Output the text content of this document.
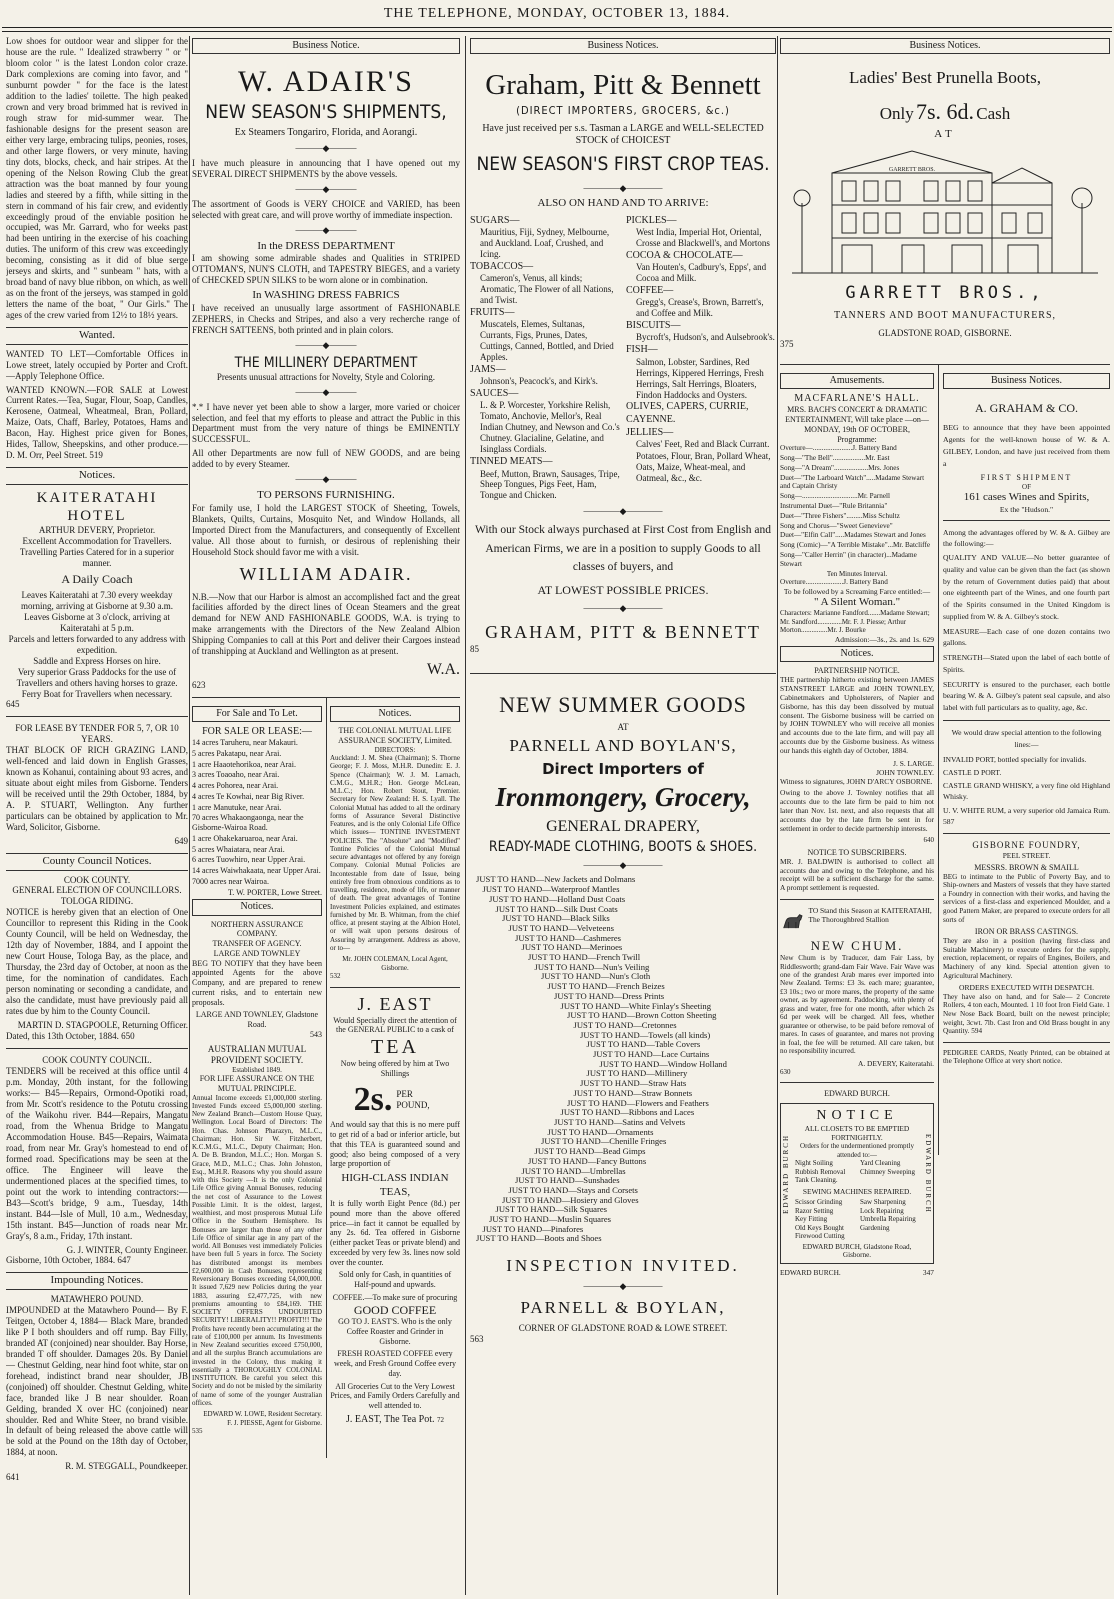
THE TELEPHONE, MONDAY, OCTOBER 13, 1884.

Low shoes for outdoor wear and slipper for the house are the rule. " Idealized strawberry " or " bloom color " is the latest London color craze. Dark complexions are coming into favor, and " sunburnt powder " for the face is the latest addition to the ladies' toilette. The high peaked crown and very broad brimmed hat is revived in rough straw for mid-summer wear. The fashionable designs for the present season are either very large, embracing tulips, peonies, roses, and other large flowers, or very minute, having tiny dots, blocks, check, and hair stripes. At the opening of the Nelson Rowing Club the great attraction was the boat manned by four young ladies and steered by a fifth, while sitting in the stern in command of his fair crew, and evidently exceedingly proud of the enviable position he occupied, was Mr. Garrard, who for weeks past had been untiring in the exercise of his coaching duties. The uniform of this crew was exceedingly becoming, consisting as it did of blue serge jerseys and skirts, and " sunbeam " hats, with a broad band of navy blue ribbon, on which, as well as on the front of the jerseys, was stamped in gold letters the name of the boat, " Our Girls." The ages of the crew varied from 12½ to 18½ years.

Wanted.

WANTED TO LET—Comfortable Offices in Lowe street, lately occupied by Porter and Croft.—Apply Telephone Office.

WANTED KNOWN.—FOR SALE at Lowest Current Rates.—Tea, Sugar, Flour, Soap, Candles, Kerosene, Oatmeal, Wheatmeal, Bran, Pollard, Maize, Oats, Chaff, Barley, Potatoes, Hams and Bacon, Hay. Highest price given for Bones, Hides, Tallow, Sheepskins, and other produce.—D. M. Orr, Peel Street. 519

Notices.
KAITERATAHI HOTEL
ARTHUR DEVERY, Proprietor.
Excellent Accommodation for Travellers.
Travelling Parties Catered for in a superior manner.
A Daily Coach
Leaves Kaiteratahi at 7.30 every weekday morning, arriving at Gisborne at 9.30 a.m.
Leaves Gisborne at 3 o'clock, arriving at Kaiteratahi at 5 p.m.
Parcels and letters forwarded to any address with expedition.
Saddle and Express Horses on hire.
Very superior Grass Paddocks for the use of Travellers and others having horses to graze.
Ferry Boat for Travellers when necessary.
645
FOR LEASE BY TENDER FOR 5, 7, OR 10 YEARS.

THAT BLOCK OF RICH GRAZING LAND, well-fenced and laid down in English Grasses, known as Kohanui, containing about 93 acres, and situate about eight miles from Gisborne. Tenders will be received until the 29th October, 1884, by A. P. STUART, Wellington. Any further particulars can be obtained by application to Mr. Ward, Solicitor, Gisborne.

649
County Council Notices.
COOK COUNTY.
GENERAL ELECTION OF COUNCILLORS.
TOLOGA RIDING.

NOTICE is hereby given that an election of One Councillor to represent this Riding in the Cook County Council, will be held on Wednesday, the 12th day of November, 1884, and I appoint the new Court House, Tologa Bay, as the place, and Thursday, the 23rd day of October, at noon as the time, for the nomination of candidates. Each person nominating or seconding a candidate, and also the candidate, must have previously paid all rates due by him to the County Council.

MARTIN D. STAGPOOLE, Returning Officer.
Dated, this 13th October, 1884. 650
COOK COUNTY COUNCIL.

TENDERS will be received at this office until 4 p.m. Monday, 20th instant, for the following works:— B45—Repairs, Ormond-Opotiki road, from Mr. Scott's residence to the Potutu crossing of the Waikohu river. B44—Repairs, Mangatu road, from the Whenua Bridge to Mangatu Accommodation House. B45—Repairs, Waimata road, from near Mr. Gray's homestead to end of formed road. Specifications may be seen at the office. The Engineer will leave the undermentioned places at the specified times, to point out the work to intending contractors:— B43—Scott's bridge, 9 a.m., Tuesday, 14th instant. B44—Isle of Mull, 10 a.m., Wednesday, 15th instant. B45—Junction of roads near Mr. Gray's, 8 a.m., Friday, 17th instant.

G. J. WINTER, County Engineer.
Gisborne, 10th October, 1884. 647
Impounding Notices.
MATAWHERO POUND.

IMPOUNDED at the Matawhero Pound— By F. Teitgen, October 4, 1884— Black Mare, branded like P I both shoulders and off rump. Bay Filly, branded AT (conjoined) near shoulder. Bay Horse, branded T off shoulder. Damages 20s. By Daniel— Chestnut Gelding, near hind foot white, star on forehead, indistinct brand near shoulder, JB (conjoined) off shoulder. Chestnut Gelding, white face, branded like J B near shoulder. Roan Gelding, branded X over HC (conjoined) near shoulder. Red and White Steer, no brand visible. In default of being released the above cattle will be sold at the Pound on the 18th day of October, 1884, at noon.

R. M. STEGGALL, Poundkeeper.
641
Business Notice.
W. ADAIR'S
NEW SEASON'S SHIPMENTS,
Ex Steamers Tongariro, Florida, and Aorangi.
———◆———

I have much pleasure in announcing that I have opened out my SEVERAL DIRECT SHIPMENTS by the above vessels.

———◆———

The assortment of Goods is VERY CHOICE and VARIED, has been selected with great care, and will prove worthy of immediate inspection.

———◆———
In the DRESS DEPARTMENT

I am showing some admirable shades and Qualities in STRIPED OTTOMAN'S, NUN'S CLOTH, and TAPESTRY BIEGES, and a variety of CHECKED SPUN SILKS to be worn alone or in combination.

In WASHING DRESS FABRICS

I have received an unusually large assortment of FASHIONABLE ZEPHERS, in Checks and Stripes, and also a very recherche range of FRENCH SATTEENS, both printed and in plain colors.

———◆———
THE MILLINERY DEPARTMENT
Presents unusual attractions for Novelty, Style and Coloring.
———◆———

*.* I have never yet been able to show a larger, more varied or choicer selection, and feel that my efforts to please and attract the Public in this Department must from the very nature of things be EMINENTLY SUCCESSFUL.

All other Departments are now full of NEW GOODS, and are being added to by every Steamer.

———◆———
TO PERSONS FURNISHING.

For family use, I hold the LARGEST STOCK of Sheeting, Towels, Blankets, Quilts, Curtains, Mosquito Net, and Window Hollands, all Imported Direct from the Manufacturers, and consequently of Excellent value. All those about to furnish, or desirous of replenishing their Household Stock should favor me with a visit.

WILLIAM ADAIR.

N.B.—Now that our Harbor is almost an accomplished fact and the great facilities afforded by the direct lines of Ocean Steamers and the great demand for NEW AND FASHIONABLE GOODS, W.A. is trying to make arrangements with the Directors of the New Zealand Albion Shipping Companies to call at this Port and deliver their Cargoes instead of transhipping at Auckland and Wellington as at present.

W.A.
623
For Sale and To Let.
FOR SALE OR LEASE:—
14 acres Taruheru, near Makauri.
5 acres Pakatapu, near Arai.
1 acre Haaotehorikoa, near Arai.
3 acres Toaoaho, near Arai.
4 acres Pohorea, near Arai.
4 acres Te Kowhai, near Big River.
1 acre Manutuke, near Arai.
70 acres Whakaongaonga, near the Gisborne-Wairoa Road.
1 acre Ohakekaruaroa, near Arai.
5 acres Whaiatara, near Arai.
6 acres Tuowhiro, near Upper Arai.
14 acres Waiwhakaata, near Upper Arai.
7000 acres near Wairoa.
T. W. PORTER, Lowe Street.
Notices.
NORTHERN ASSURANCE COMPANY.
TRANSFER OF AGENCY.
LARGE AND TOWNLEY

BEG TO NOTIFY that they have been appointed Agents for the above Company, and are prepared to renew current risks, and to entertain new proposals.

LARGE AND TOWNLEY, Gladstone Road.
543
AUSTRALIAN MUTUAL PROVIDENT SOCIETY.
Established 1849.
FOR LIFE ASSURANCE ON THE MUTUAL PRINCIPLE.

Annual Income exceeds £1,000,000 sterling. Invested Funds exceed £5,000,000 sterling. New Zealand Branch—Custom House Quay, Wellington. Local Board of Directors: The Hon. Chas. Johnson Pharazyn, M.L.C., Chairman; Hon. Sir W. Fitzherbert, K.C.M.G., M.L.C., Deputy Chairman; Hon. A. De B. Brandon, M.L.C.; Hon. Morgan S. Grace, M.D., M.L.C.; Chas. John Johnston, Esq., M.H.R. Reasons why you should assure with this Society —It is the only Colonial Life Office giving Annual Bonuses, reducing the net cost of Assurance to the Lowest Possible Limit. It is the oldest, largest, wealthiest, and most prosperous Mutual Life Office in the Southern Hemisphere. Its Bonuses are larger than those of any other Life Office of similar age in any part of the world. All Bonuses vest immediately Policies have been full 5 years in force. The Society has distributed amongst its members £2,600,000 in Cash Bonuses, representing Reversionary Bonuses exceeding £4,000,000. It issued 7,629 new Policies during the year 1883, assuring £2,477,725, with new premiums amounting to £84,169. THE SOCIETY OFFERS UNDOUBTED SECURITY! LIBERALITY!! PROFIT!!! The Profits have recently been accumulating at the rate of £100,000 per annum. Its Investments in New Zealand securities exceed £750,000, and all the surplus Branch accumulations are invested in the Colony, thus making it essentially a THOROUGHLY COLONIAL INSTITUTION. Be careful you select this Society and do not be misled by the similarity of name of some of the younger Australian offices.

EDWARD W. LOWE, Resident Secretary.
F. J. PIESSE, Agent for Gisborne.
535
Notices.
THE COLONIAL MUTUAL LIFE ASSURANCE SOCIETY, Limited.
DIRECTORS:

Auckland: J. M. Shea (Chairman); S. Thorne George; F. J. Moss, M.H.R. Dunedin: E. J. Spence (Chairman); W. J. M. Larnach, C.M.G., M.H.R.; Hon. George McLean, M.L.C.; Hon. Robert Stout, Premier. Secretary for New Zealand: H. S. Lyall. The Colonial Mutual has added to all the ordinary forms of Assurance Several Distinctive Features, and is the only Colonial Life Office which issues— TONTINE INVESTMENT POLICIES. The "Absolute" and "Modified" Tontine Policies of the Colonial Mutual secure advantages not offered by any foreign Company. Colonial Mutual Policies are Incontestable from date of Issue, being entirely free from obnoxious conditions as to travelling, residence, mode of life, or manner of death. The great advantages of Tontine Investment Policies explained, and estimates furnished by Mr. B. Whitman, from the chief office, at present staying at the Albion Hotel, or will wait upon persons desirous of Assuring by arrangement. Address as above, or to—

Mr. JOHN COLEMAN, Local Agent, Gisborne.
532
J. EAST
Would Specially direct the attention of the GENERAL PUBLIC to a cask of
TEA
Now being offered by him at Two Shillings
2s. PER POUND,

And would say that this is no mere puff to get rid of a bad or inferior article, but that this TEA is guaranteed sound and good; also being composed of a very large proportion of

HIGH-CLASS INDIAN TEAS,

It is fully worth Eight Pence (8d.) per pound more than the above offered price—in fact it cannot be equalled by any 2s. 6d. Tea offered in Gisborne (either packet Teas or private blend) and exceeded by very few 3s. lines now sold over the counter.

Sold only for Cash, in quantities of Half-pound and upwards.

COFFEE.—To make sure of procuring
GOOD COFFEE

GO TO J. EAST'S. Who is the only Coffee Roaster and Grinder in Gisborne.

FRESH ROASTED COFFEE every week, and Fresh Ground Coffee every day.

All Groceries Cut to the Very Lowest Prices, and Family Orders Carefully and well attended to.

J. EAST, The Tea Pot. 72
Business Notices.
Graham, Pitt & Bennett
(DIRECT IMPORTERS, GROCERS, &c.)
Have just received per s.s. Tasman a LARGE and WELL-SELECTED STOCK of CHOICEST
NEW SEASON'S FIRST CROP TEAS.
————◆————
ALSO ON HAND AND TO ARRIVE:
SUGARS—
Mauritius, Fiji, Sydney, Melbourne, and Auckland. Loaf, Crushed, and Icing.
TOBACCOS—
Cameron's, Venus, all kinds; Aromatic, The Flower of all Nations, and Twist.
FRUITS—
Muscatels, Elemes, Sultanas, Currants, Figs, Prunes, Dates, Cuttings, Canned, Bottled, and Dried Apples.
JAMS—
Johnson's, Peacock's, and Kirk's.
SAUCES—
L. & P. Worcester, Yorkshire Relish, Tomato, Anchovie, Mellor's, Real Indian Chutney, and Newson and Co.'s Chutney. Glacialine, Gelatine, and Isinglass Cordials.
TINNED MEATS—
Beef, Mutton, Brawn, Sausages, Tripe, Sheep Tongues, Pigs Feet, Ham, Tongue and Chicken.
PICKLES—
West India, Imperial Hot, Oriental, Crosse and Blackwell's, and Mortons
COCOA & CHOCOLATE—
Van Houten's, Cadbury's, Epps', and Cocoa and Milk.
COFFEE—
Gregg's, Crease's, Brown, Barrett's, and Coffee and Milk.
BISCUITS—
Bycroft's, Hudson's, and Aulsebrook's.
FISH—
Salmon, Lobster, Sardines, Red Herrings, Kippered Herrings, Fresh Herrings, Salt Herrings, Bloaters, Findon Haddocks and Oysters.
OLIVES, CAPERS, CURRIE, CAYENNE.
JELLIES—
Calves' Feet, Red and Black Currant.
Potatoes, Flour, Bran, Pollard Wheat, Oats, Maize, Wheat-meal, and Oatmeal, &c., &c.
————◆————
With our Stock always purchased at First Cost from English and American Firms, we are in a position to supply Goods to all classes of buyers, and
AT LOWEST POSSIBLE PRICES.
————◆————
GRAHAM, PITT & BENNETT
85
NEW SUMMER GOODS
AT
PARNELL AND BOYLAN'S,
Direct Importers of
Ironmongery, Grocery,
GENERAL DRAPERY,
READY-MADE CLOTHING, BOOTS & SHOES.
————◆————
JUST TO HAND—New Jackets and Dolmans
JUST TO HAND—Waterproof Mantles
JUST TO HAND—Holland Dust Coats
JUST TO HAND—Silk Dust Coats
JUST TO HAND—Black Silks
JUST TO HAND—Velveteens
JUST TO HAND—Cashmeres
JUST TO HAND—Merinoes
JUST TO HAND—French Twill
JUST TO HAND—Nun's Veiling
JUST TO HAND—Nun's Cloth
JUST TO HAND—French Beizes
JUST TO HAND—Dress Prints
JUST TO HAND—White Finlay's Sheeting
JUST TO HAND—Brown Cotton Sheeting
JUST TO HAND—Cretonnes
JUST TO HAND—Towels (all kinds)
JUST TO HAND—Table Covers
JUST TO HAND—Lace Curtains
JUST TO HAND—Window Holland
JUST TO HAND—Millinery
JUST TO HAND—Straw Hats
JUST TO HAND—Straw Bonnets
JUST TO HAND—Flowers and Feathers
JUST TO HAND—Ribbons and Laces
JUST TO HAND—Satins and Velvets
JUST TO HAND—Ornaments
JUST TO HAND—Chenille Fringes
JUST TO HAND—Bead Gimps
JUST TO HAND—Fancy Buttons
JUST TO HAND—Umbrellas
JUST TO HAND—Sunshades
JUST TO HAND—Stays and Corsets
JUST TO HAND—Hosiery and Gloves
JUST TO HAND—Silk Squares
JUST TO HAND—Muslin Squares
JUST TO HAND—Pinafores
JUST TO HAND—Boots and Shoes
INSPECTION INVITED.
————◆————
PARNELL & BOYLAN,
CORNER OF GLADSTONE ROAD & LOWE STREET.
563
Business Notices.
Ladies' Best Prunella Boots,
Only 7s. 6d. Cash
AT
GARRETT BROS.
GARRETT BROS.,
TANNERS AND BOOT MANUFACTURERS,
GLADSTONE ROAD, GISBORNE.
375
Amusements.
MACFARLANE'S HALL.
MRS. BACH'S CONCERT & DRAMATIC ENTERTAINMENT, Will take place —on— MONDAY, 19th OF OCTOBER,
Programme:
Overture—......................J. Battery Band
Song—"The Bell"..................Mr. East
Song—"A Dream"...................Mrs. Jones
Duet—"The Larboard Watch".....Madame Stewart and Captain Christy
Song—...............................Mr. Parnell
Instrumental Duet—"Rule Britannia"
Duet—"Three Fishers".........Miss Schultz
Song and Chorus—"Sweet Genevieve"
Duet—"Elfin Call".....Madames Stewart and Jones
Song (Comic)—"A Terrible Mistake"...Mr. Batcliffe
Song—"Caller Herrin" (in character)...Madame Stewart
Ten Minutes Interval.
Overture.....................J. Battery Band
To be followed by a Screaming Farce entitled:—
" A Silent Woman."
Characters: Marianne Fandford.......Madame Stewart; Mr. Sandford..............Mr. F. J. Piesse; Arthur Morton...............Mr. J. Bourke
Admission:—3s., 2s. and 1s. 629
Notices.
PARTNERSHIP NOTICE.

THE partnership hitherto existing between JAMES STANSTREET LARGE and JOHN TOWNLEY, Cabinetmakers and Upholsterers, of Napier and Gisborne, has this day been dissolved by mutual consent. The Gisborne business will be carried on by JOHN TOWNLEY who will receive all monies and accounts due to the late firm, and will pay all accounts due by the Gisborne business. As witness our hands this eighth day of October, 1884.

J. S. LARGE.
JOHN TOWNLEY.
Witness to signatures, JOHN D'ARCY OSBORNE.

Owing to the above J. Townley notifies that all accounts due to the late firm be paid to him not later than Nov. 1st. next, and also requests that all accounts due by the late firm be sent in for settlement in order to decide partnership interests.

640
NOTICE TO SUBSCRIBERS.

MR. J. BALDWIN is authorised to collect all accounts due and owing to the Telephone, and his receipt will be a sufficient discharge for the same. A prompt settlement is requested.

TO Stand this Season at KAITERATAHI, The Thoroughbred Stallion
NEW CHUM.

New Chum is by Traducer, dam Fair Lass, by Riddlesworth; grand-dam Fair Wave. Fair Wave was one of the grandest Arab mares ever imported into New Zealand. Terms: £3 3s. each mare; guarantee, £3 10s.; two or more mares, the property of the same owner, as by agreement. Paddocking, with plenty of grass and water, free for one month, after which 2s 6d per week will be charged. All fees, whether guarantee or otherwise, to be paid before removal of mares. In cases of guarantee, and mares not proving in foal, the fee will be returned. All care taken, but no responsibility incurred.

A. DEVERY, Kaiteratahi.
630
EDWARD BURCH.
EDWARD BURCH	EDWARD BURCH
NOTICE
ALL CLOSETS TO BE EMPTIED FORTNIGHTLY.
Orders for the undermentioned promptly attended to:—
Night Soiling
Rubbish Removal
Tank Cleaning.
Yard Cleaning
Chimney Sweeping
SEWING MACHINES REPAIRED.
Scissor Grinding
Razor Setting
Key Fitting
Old Keys Bought
Firewood Cutting
Saw Sharpening
Lock Repairing
Umbrella Repairing
Gardening
EDWARD BURCH, Gladstone Road, Gisborne.
EDWARD BURCH.	347
Business Notices.
A. GRAHAM & CO.

BEG to announce that they have been appointed Agents for the well-known house of W. & A. GILBEY, London, and have just received from them a

FIRST SHIPMENT
OF
161 cases Wines and Spirits,
Ex the "Hudson."

Among the advantages offered by W. & A. Gilbey are the following:—

QUALITY AND VALUE—No better guarantee of quality and value can be given than the fact (as shown by the return of Government duties paid) that about one eighteenth part of the Wines, and one fourth part of the Spirits consumed in the United Kingdom is supplied from W. & A. Gilbey's stock.

MEASURE—Each case of one dozen contains two gallons.

STRENGTH—Stated upon the label of each bottle of Spirits.

SECURITY is ensured to the purchaser, each bottle bearing W. & A. Gilbey's patent seal capsule, and also label with full particulars as to quality, age, &c.

We would draw special attention to the following lines:—

INVALID PORT, bottled specially for invalids.

CASTLE D PORT.

CASTLE GRAND WHISKY, a very fine old Highland Whisky.

U. V. WHITE RUM, a very superior old Jamaica Rum. 587

GISBORNE FOUNDRY,
PEEL STREET.
MESSRS. BROWN & SMAILL

BEG to intimate to the Public of Poverty Bay, and to Ship-owners and Masters of vessels that they have started a Foundry in connection with their works, and having the services of a first-class and experienced Moulder, and a good Pattern Maker, are prepared to execute orders for all sorts of

IRON OR BRASS CASTINGS.

They are also in a position (having first-class and Suitable Machinery) to execute orders for the supply, erection, replacement, or repairs of Engines, Boilers, and Machinery of any kind. Special attention given to Agricultural Machinery.

ORDERS EXECUTED WITH DESPATCH.

They have also on hand, and for Sale— 2 Concrete Rollers, 4 ton each, Mounted. 1 10 foot Iron Field Gate. 1 New Nose Back Board, built on the newest principle; weight, 3cwt. 7lb. Cast Iron and Old Brass bought in any Quantity. 594

PEDIGREE CARDS, Neatly Printed, can be obtained at the Telephone Office at very short notice.
